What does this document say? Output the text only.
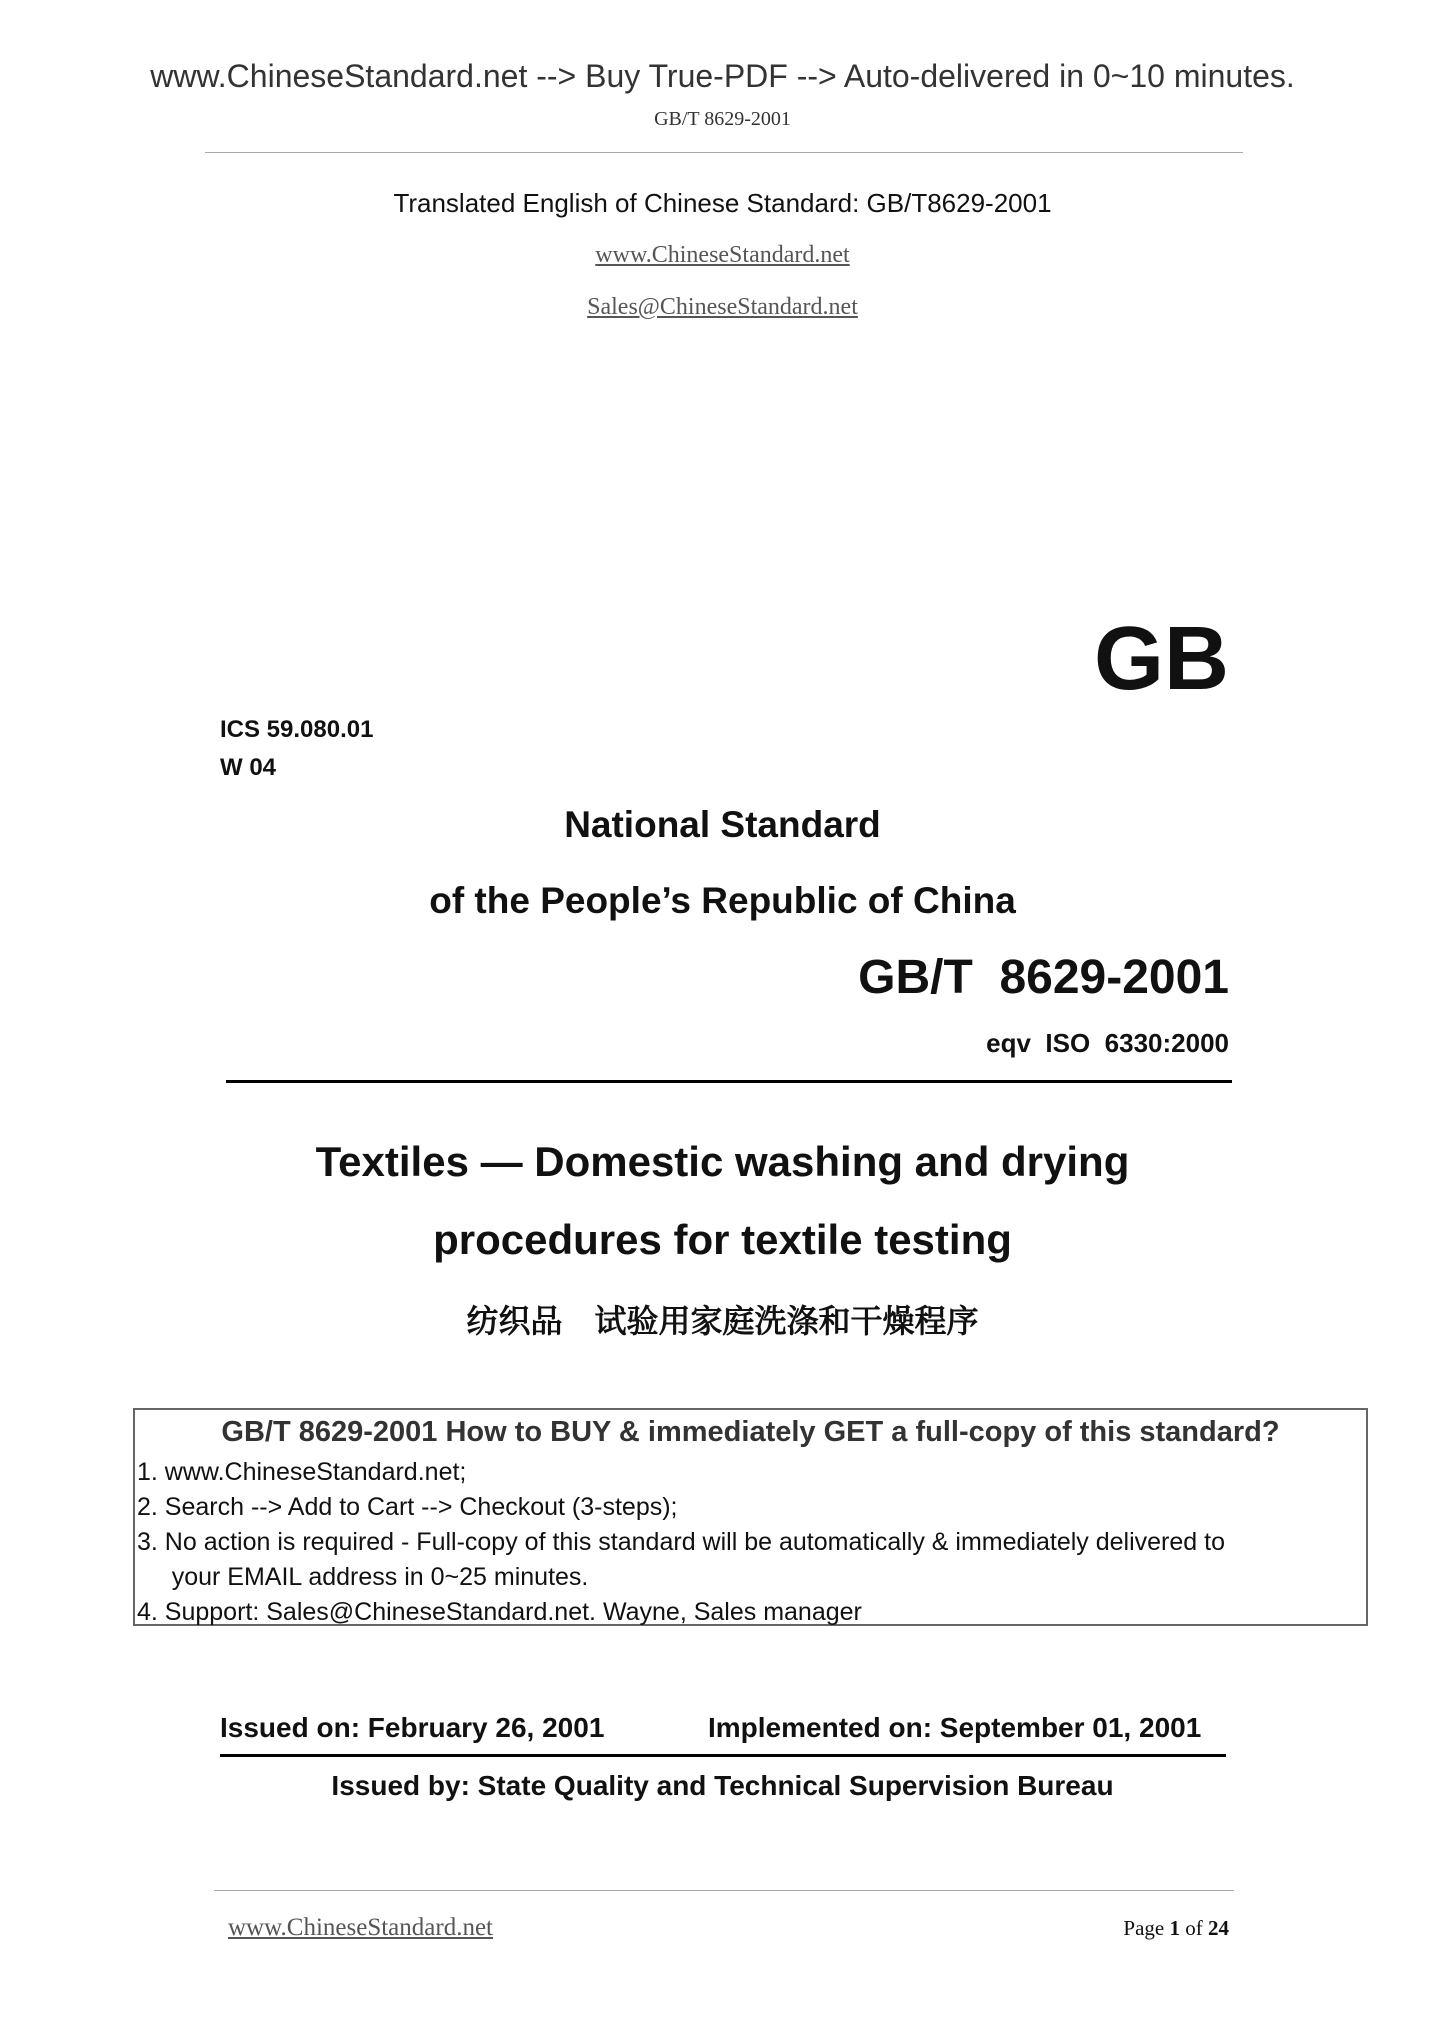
www.ChineseStandard.net --> Buy True-PDF --> Auto-delivered in 0~10 minutes.
GB/T 8629-2001
Translated English of Chinese Standard: GB/T8629-2001
www.ChineseStandard.net
Sales@ChineseStandard.net
GB
ICS 59.080.01
W 04
National Standard
of the People’s Republic of China
GB/T  8629-2001
eqv  ISO  6330:2000
Textiles — Domestic washing and drying
procedures for textile testing
纺织品　试验用家庭洗涤和干燥程序
GB/T 8629-2001 How to BUY & immediately GET a full-copy of this standard?
1. www.ChineseStandard.net;
2. Search --> Add to Cart --> Checkout (3-steps);
3. No action is required - Full-copy of this standard will be automatically & immediately delivered to
your EMAIL address in 0~25 minutes.
4. Support: Sales@ChineseStandard.net. Wayne, Sales manager
Issued on: February 26, 2001	Implemented on: September 01, 2001
Issued by: State Quality and Technical Supervision Bureau
www.ChineseStandard.net	Page 1 of 24
